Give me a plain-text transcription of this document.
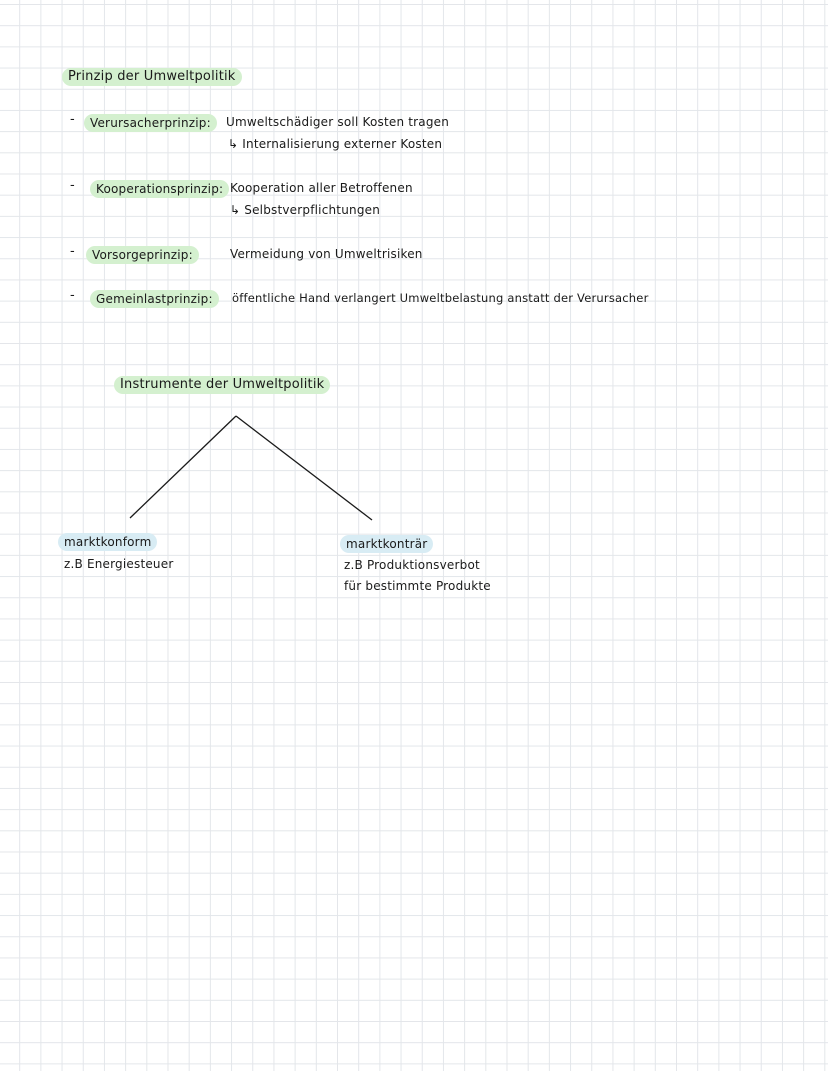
Prinzip der Umweltpolitik
-	Verursacherprinzip:	Umweltschädiger soll Kosten tragen
↳ Internalisierung externer Kosten
-	Kooperationsprinzip: Kooperation aller Betroffenen
↳ Selbstverpflichtungen
-	Vorsorgeprinzip:	Vermeidung von Umweltrisiken
-	Gemeinlastprinzip:	öffentliche Hand verlangert Umweltbelastung anstatt der Verursacher
Instrumente der Umweltpolitik
marktkonform
z.B Energiesteuer
marktkonträr
z.B Produktionsverbot
für bestimmte Produkte
